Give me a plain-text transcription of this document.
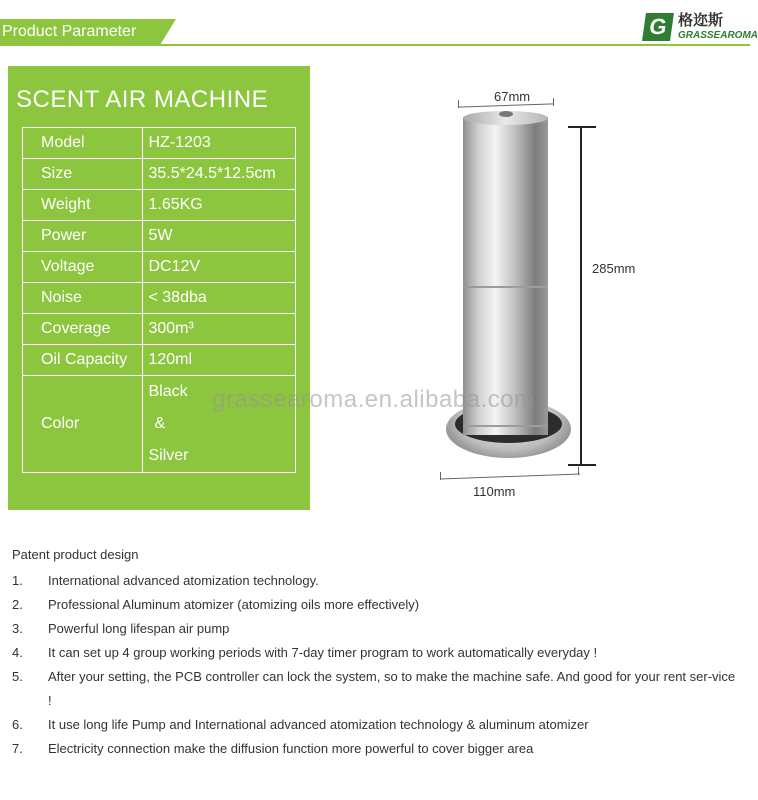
Product Parameter	G 格迩斯
GRASSEAROMA
SCENT AIR MACHINE
Model	HZ-1203
Size	35.5*24.5*12.5cm
Weight	1.65KG
Power	5W
Voltage	DC12V
Noise	< 38dba
Coverage	300m³
Oil Capacity	120ml
Color	Black
&
Silver
67mm
285mm
110mm
grassearoma.en.alibaba.com
Patent product design
1.	International advanced atomization technology.
2.	Professional Aluminum atomizer (atomizing oils more effectively)
3.	Powerful long lifespan air pump
4.	It can set up 4 group working periods with 7-day timer program to work automatically everyday !
5.	After your setting, the PCB controller can lock the system, so to make the machine safe. And good for your rent ser-vice !
6.	It use long life Pump and International advanced atomization technology & aluminum atomizer
7.	Electricity connection make the diffusion function more powerful to cover bigger area
